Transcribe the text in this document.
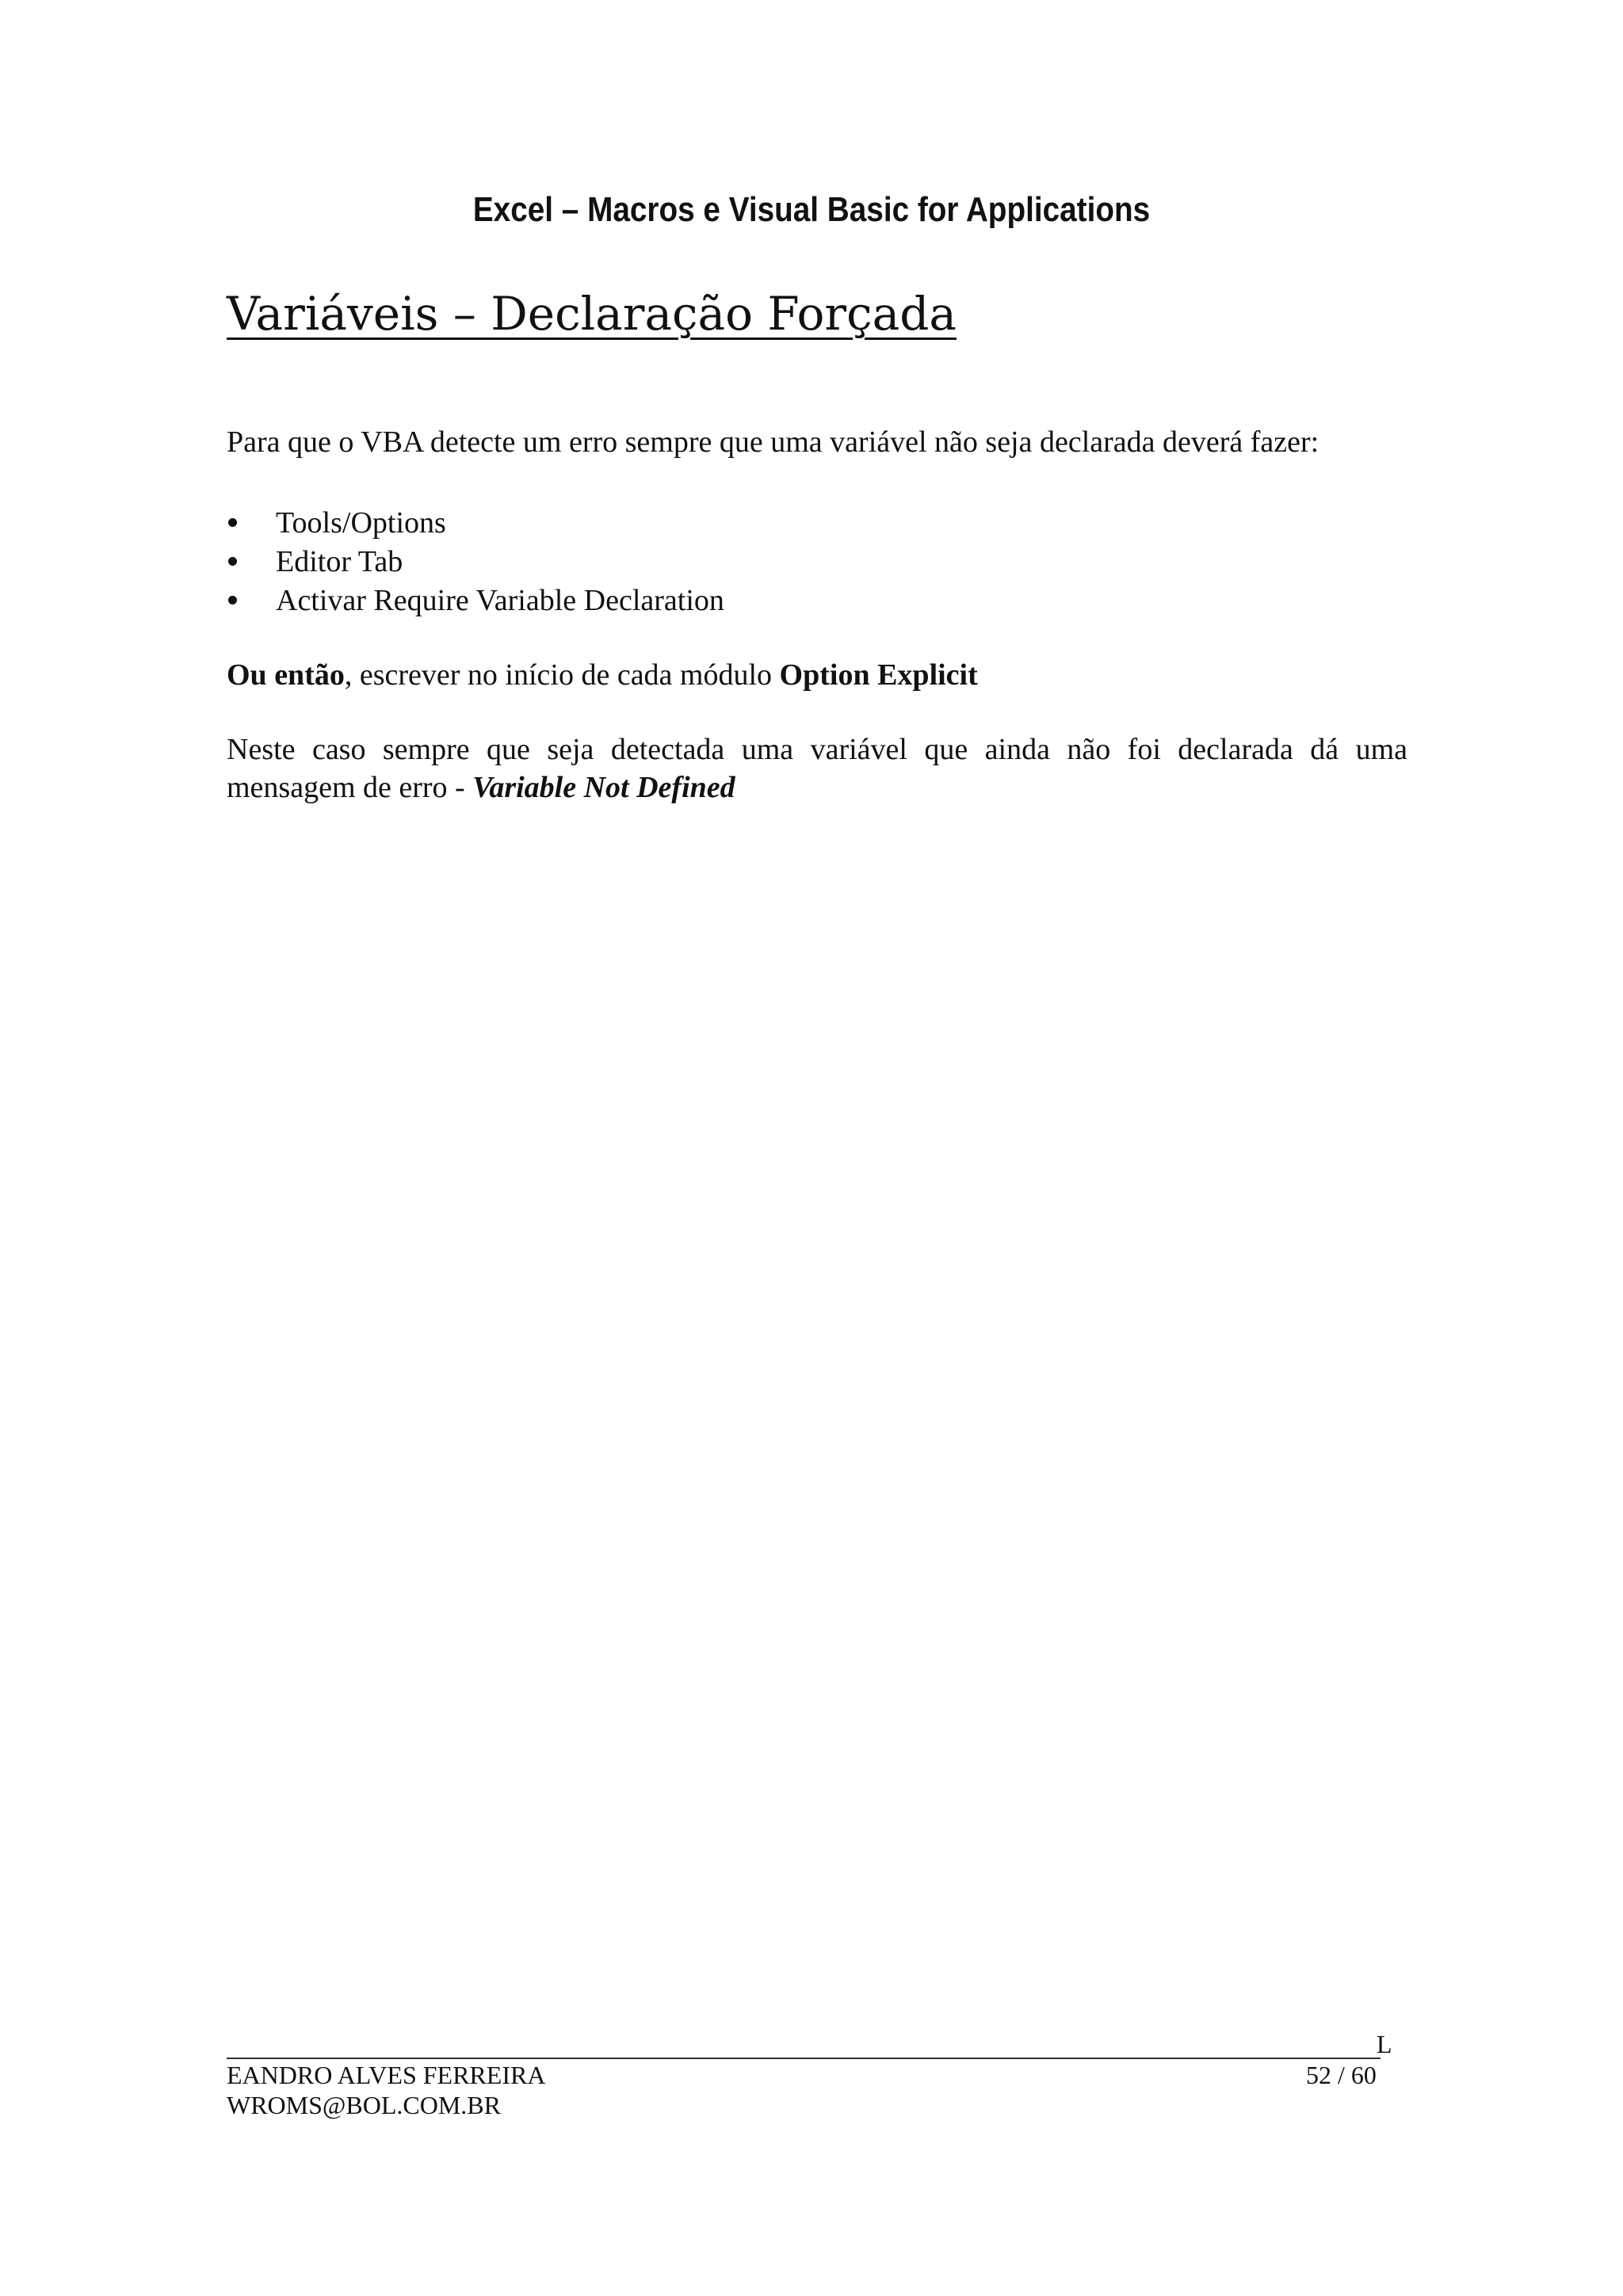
Excel – Macros e Visual Basic for Applications
Variáveis – Declaração Forçada
Para que o VBA detecte um erro sempre que uma variável não seja declarada deverá fazer:
Tools/Options
Editor Tab
Activar Require Variable Declaration
Ou então, escrever no início de cada módulo Option Explicit
Neste caso sempre que seja detectada uma variável que ainda não foi declarada dá uma mensagem de erro - Variable Not Defined
L
EANDRO ALVES FERREIRA
WROMS@BOL.COM.BR
52 / 60
